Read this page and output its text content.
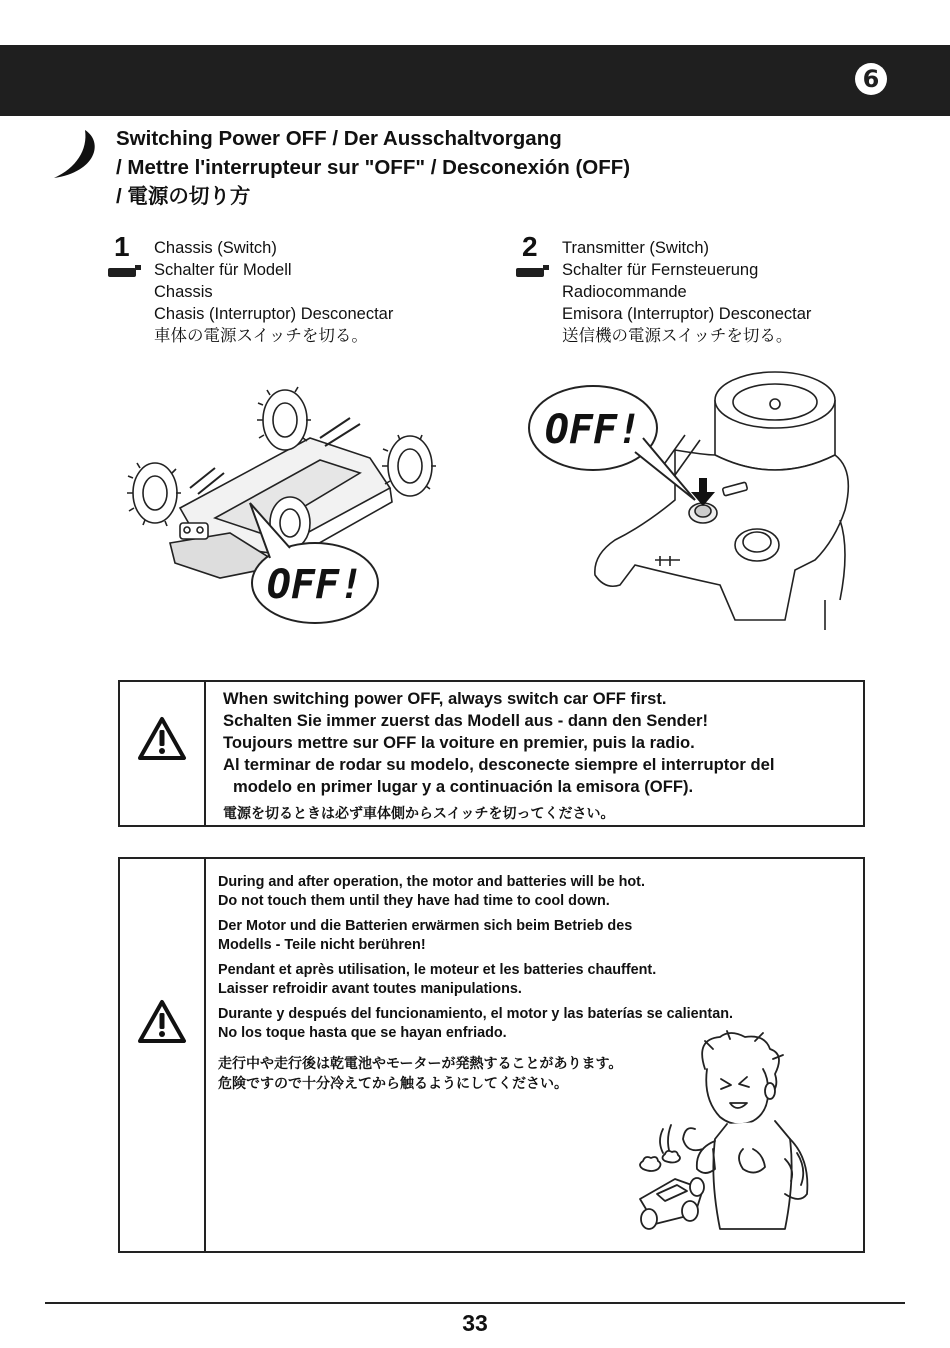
6
Switching Power OFF / Der Ausschaltvorgang
/ Mettre l'interrupteur sur "OFF" / Desconexión (OFF)
/ 電源の切り方
1 Chassis (Switch)
Schalter für Modell
Chassis
Chasis (Interruptor) Desconectar
車体の電源スイッチを切る。
2 Transmitter (Switch)
Schalter für Fernsteuerung
Radiocommande
Emisora (Interruptor) Desconectar
送信機の電源スイッチを切る。
OFF!
OFF!
When switching power OFF, always switch car OFF first.
Schalten Sie immer zuerst das Modell aus - dann den Sender!
Toujours mettre sur OFF la voiture en premier, puis la radio.
Al terminar de rodar su modelo, desconecte siempre el interruptor del
modelo en primer lugar y a continuación la emisora (OFF).
電源を切るときは必ず車体側からスイッチを切ってください。
During and after operation, the motor and batteries will be hot.
Do not touch them until they have had time to cool down.
Der Motor und die Batterien erwärmen sich beim Betrieb des
Modells - Teile nicht berühren!
Pendant et après utilisation, le moteur et les batteries chauffent.
Laisser refroidir avant toutes manipulations.
Durante y después del funcionamiento, el motor y las baterías se calientan.
No los toque hasta que se hayan enfriado.
走行中や走行後は乾電池やモーターが発熱することがあります。
危険ですので十分冷えてから触るようにしてください。
33
